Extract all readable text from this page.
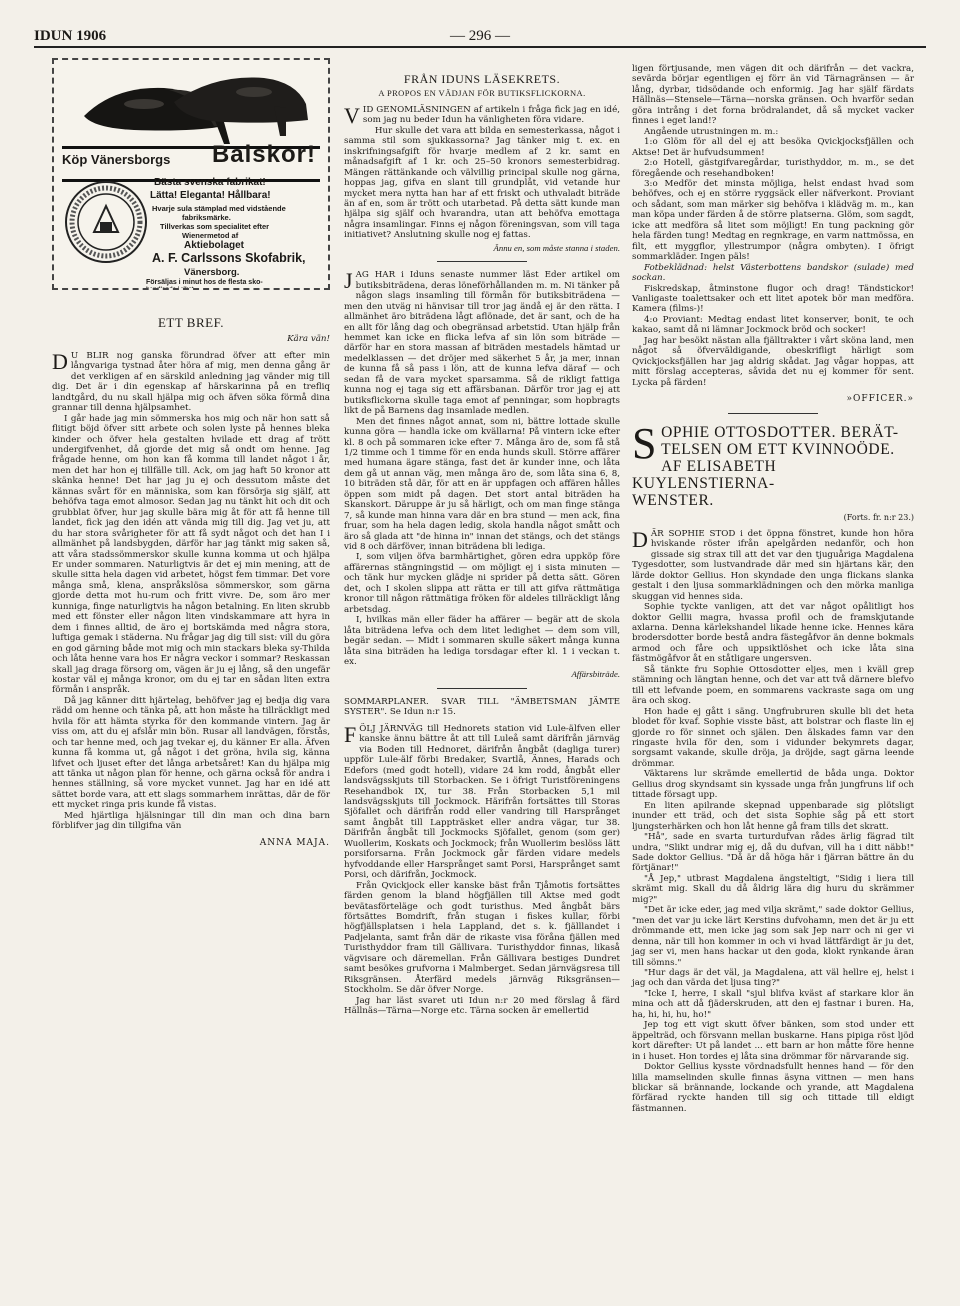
IDUN 1906	— 296 —
Köp Vänersborgs Balskor!
Bästa svenska fabrikat!
Lätta! Eleganta! Hållbara!
Hvarje sula stämplad med vidstående
fabriksmärke.
Tillverkas som specialitet efter
Wienermetod af
Aktiebolaget
A. F. Carlssons Skofabrik,
Vänersborg.
Försäljas i minut hos de flesta sko-
handlande i riket.
ETT BREF.
Kära vän!

D U BLIR nog ganska förundrad öfver att efter min långvariga tystnad åter höra af mig, men denna gång är det verkligen af en särskild anledning jag vänder mig till dig. Det är i din egenskap af härskarinna på en trefliq landtgård, du nu skall hjälpa mig och äfven söka förmå dina grannar till denna hjälpsamhet.

I går hade jag min sömmerska hos mig och när hon satt så flitigt böjd öfver sitt arbete och solen lyste på hennes bleka kinder och öfver hela gestalten hvilade ett drag af trött undergifvenhet, då gjorde det mig så ondt om henne. Jag frågade henne, om hon kan få komma till landet något i år, men det har hon ej tillfälle till. Ack, om jag haft 50 kronor att skänka henne! Det har jag ju ej och dessutom måste det kännas svårt för en människa, som kan försörja sig själf, att behöfva taga emot almosor. Sedan jag nu tänkt hit och dit och grubblat öfver, hur jag skulle bära mig åt för att få henne till landet, fick jag den idén att vända mig till dig. Jag vet ju, att du har stora svårigheter för att få sydt något och det han I i allmänhet på landsbygden, därför har jag tänkt mig saken så, att våra stadssömmerskor skulle kunna komma ut och hjälpa Er under sommaren. Naturligtvis är det ej min mening, att de skulle sitta hela dagen vid arbetet, högst fem timmar. Det vore många små, klena, anspråkslösa sömmerskor, som gärna gjorde detta mot hu-rum och fritt vivre. De, som äro mer kunniga, finge naturligtvis ha någon betalning. En liten skrubb med ett fönster eller någon liten vindskammare att hyra in dem i finnes alltid, de äro ej bortskämda med några stora, luftiga gemak i städerna. Nu frågar jag dig till sist: vill du göra en god gärning både mot mig och min stackars bleka sy-Thilda och låta henne vara hos Er några veckor i sommar? Reskassan skall jag draga försorg om, vägen är ju ej lång, så den ungefär kostar väl ej många kronor, om du ej tar en sådan liten extra förmån i anspråk.

Då jag känner ditt hjärtelag, behöfver jag ej bedja dig vara rädd om henne och tänka på, att hon måste ha tillräckligt med hvila för att hämta styrka för den kommande vintern. Jag är viss om, att du ej afslår min bön. Rusar all landvägen, förstås, och tar henne med, och jag tvekar ej, du känner Er alla. Äfven kunna få komma ut, gå något i det gröna, hvila sig, känna lifvet och ljuset efter det långa arbetsåret! Kan du hjälpa mig att tänka ut någon plan för henne, och gärna också för andra i hennes ställning, så vore mycket vunnet. Jag har en idé att sättet borde vara, att ett slags sommarhem inrättas, där de för ett mycket ringa pris kunde få vistas.

Med hjärtliga hjälsningar till din man och dina barn förblifver jag din tillgifna vän

ANNA MAJA.
FRÅN IDUNS LÄSEKRETS.
A PROPOS EN VÄDJAN FÖR BUTIKSFLICKORNA.

VID GENOMLÄSNINGEN af artikeln i fråga fick jag en idé, som jag nu beder Idun ha vänligheten föra vidare.

Hur skulle det vara att bilda en semesterkassa, något i samma stil som sjukkassorna? Jag tänker mig t. ex. en inskrifningsafgift för hvarje medlem af 2 kr. samt en månadsafgift af 1 kr. och 25–50 kronors semesterbidrag. Mängen rättänkande och välvillig principal skulle nog gärna, hoppas jag, gifva en slant till grundplåt, vid vetande hur mycket mera nytta han har af ett friskt och uthvaladt biträde än af en, som är trött och utarbetad. På detta sätt kunde man hjälpa sig själf och hvarandra, utan att behöfva emottaga några insamlingar. Finns ej någon föreningsvan, som vill taga initiativet? Anslutning skulle nog ej fattas.

Ännu en, som måste stanna i staden.

JAG HAR i Iduns senaste nummer läst Eder artikel om butiksbiträdena, deras löneförhållanden m. m. Ni tänker på någon slags insamling till förmån för butiksbiträdena — men den utväg ni hänvisar till tror jag ändå ej är den rätta. I allmänhet äro biträdena lågt aflönade, det är sant, och de ha en allt för lång dag och obegränsad arbetstid. Utan hjälp från hemmet kan icke en flicka lefva af sin lön som biträde — därför har en stora massan af biträden mestadels hämtad ur medelklassen — det dröjer med säkerhet 5 år, ja mer, innan de kunna få så pass i lön, att de kunna lefva däraf — och sedan få de vara mycket sparsamma. Så de rikligt fattiga kunna nog ej taga sig ett affärsbanan. Därför tror jag ej att butiksflickorna skulle taga emot af penningar, som hopbragts likt de på Barnens dag insamlade medlen.

Men det finnes något annat, som ni, bättre lottade skulle kunna göra — handla icke om kvällarna! På vintern icke efter kl. 8 och på sommaren icke efter 7. Många äro de, som få stå 1/2 timme och 1 timme för en enda hunds skull. Större affärer med humana ägare stänga, fast det är kunder inne, och låta dem gå ut annan väg, men många äro de, som låta sina 6, 8, 10 biträden stå där, för att en är uppfagen och affären hålles öppen som midt på dagen. Det stort antal biträden ha Skanskort. Däruppe är ju så härligt, och om man finge stänga 7, så kunde man hinna vara där en bra stund — men ack, fina fruar, som ha hela dagen ledig, skola handla något smått och äro så glada att "de hinna in" innan det stängs, och det stängs vid 8 och därföver, innan biträdena bli lediga.

I, som viljen öfva barmhärtighet, gören edra uppköp före affärernas stängningstid — om möjligt ej i sista minuten — och tänk hur mycken glädje ni sprider på detta sätt. Gören det, och I skolen slippa att rätta er till att gifva rättmätiga kronor till någon rättmätiga fröken för aldeles tillräckligt lång arbetsdag.

I, hvilkas män eller fäder ha affärer — begär att de skola låta biträdena lefva och dem litet ledighet — dem som vill, begär sedan. — Midt i sommaren skulle säkert många kunna låta sina biträden ha lediga torsdagar efter kl. 1 i veckan t. ex.

Affärsbiträde.

SOMMARPLANER. SVAR TILL "ÄMBETSMAN JÄMTE SYSTER". Se Idun n:r 15.

FÖLJ JÄRNVÄG till Hednorets station vid Lule-älfven eller kanske ännu bättre åt att till Luleå samt därifrån järnväg via Boden till Hednoret, därifrån ångbåt (dagliga turer) uppför Lule-älf förbi Bredaker, Svartlå, Ännes, Harads och Edefors (med godt hotell), vidare 24 km rodd, ångbåt eller landsvägsskjuts till Storbacken. Se i öfrigt Turistföreningens Resehandbok IX, tur 38. Från Storbacken 5,1 mil landsvägsskjuts till Jockmock. Härifrån fortsättes till Storas Sjöfallet och därifrån rodd eller vandring till Harsprånget samt ångbåt till Lappträsket eller andra vägar, tur 38. Därifrån ångbåt till Jockmocks Sjöfallet, genom (som ger) Wuollerim, Koskats och Jockmock; från Wuollerim beslöss lätt porsiforsarna. Från Jockmock går färden vidare medels hyfvoddande eller Harsprånget samt Porsi, Harsprånget samt Porsi, och därifrån, Jockmock.

Från Qvickjock eller kanske bäst från Tjåmotis fortsättes färden genom la bland högfjällen till Aktse med godt bevätasförteläge och godt turisthus. Med ångbåt bärs förtsättes Bomdrift, från stugan i fiskes kullar, förbi högfjällsplatsen i hela Lappland, det s. k. fjälllandet i Padjelanta, samt från där de rikaste visa föråna fjällen med Turisthyddor fram till Gällivara. Turisthyddor finnas, likaså vägvisare och däremellan. Från Gällivara bestiges Dundret samt besökes grufvorna i Malmberget. Sedan järnvägsresa till Riksgränsen. Återfärd medels järnväg Riksgränsen—Stockholm. Se där öfver Norge.

Jag har läst svaret uti Idun n:r 20 med förslag å färd Hällnäs—Tärna—Norge etc. Tärna socken är emellertid

ligen förtjusande, men vägen dit och därifrån — det vackra, sevärda börjar egentligen ej förr än vid Tärnagränsen — är lång, dyrbar, tidsödande och enformig. Jag har själf färdats Hällnäs—Stensele—Tärna—norska gränsen. Och hvarför sedan göra intrång i det forna brödralandet, då så mycket vacker finnes i eget land!?

Angående utrustningen m. m.:

1:o Glöm för all del ej att besöka Qvickjocksfjällen och Aktse! Det är hufvudsummen!

2:o Hotell, gästgifvaregårdar, turisthyddor, m. m., se det föregående och resehandboken!

3:o Medför det minsta möjliga, helst endast hvad som behöfves, och ej en större ryggsäck eller näfverkont. Proviant och sådant, som man märker sig behöfva i klädväg m. m., kan man köpa under färden å de större platserna. Glöm, som sagdt, icke att medföra så litet som möjligt! En tung packning gör hela färden tung! Medtag en regnkrage, en varm nattmössa, en filt, ett myggflor, yllestrumpor (några ombyten). I öfrigt sommarkläder. Ingen päls!

Fotbeklädnad: helst Västerbottens bandskor (sulade) med sockan.

Fiskredskap, åtminstone flugor och drag! Tändstickor! Vanligaste toalettsaker och ett litet apotek bör man medföra. Kamera (films-)!

4:o Proviant: Medtag endast litet konserver, bonit, te och kakao, samt då ni lämnar Jockmock bröd och socker!

Jag har besökt nästan alla fjälltrakter i vårt sköna land, men något så öfverväldigande, obeskrifligt härligt som Qvickjocksfjällen har jag aldrig skådat. Jag vågar hoppas, att mitt förslag accepteras, såvida det nu ej kommer för sent. Lycka på färden!

»OFFICER.»
S OPHIE OTTOSDOTTER. BERÄT-
TELSEN OM ETT KVINNOÖDE.
AF ELISABETH KUYLENSTIERNA-
WENSTER.
(Forts. fr. n:r 23.)

DÄR SOPHIE STOD i det öppna fönstret, kunde hon höra hviskande röster ifrån apelgården nedanför, och hon gissade sig strax till att det var den tjuguåriga Magdalena Tygesdotter, som lustvandrade där med sin hjärtans kär, den lärde doktor Gellius. Hon skyndade den unga flickans slanka gestalt i den ljusa sommarklädningen och den mörka manliga skuggan vid hennes sida.

Sophie tyckte vanligen, att det var något opålitligt hos doktor Gellii magra, hvassa profil och de framskjutande axlarna. Denna kärlekshandel likade henne icke. Hennes kära brodersdotter borde bestå andra fästegåfvor än denne bokmals armod och fåre och uppsiktlöshet och icke låta sina fästmögåfvor åt en ståtligare ungersven.

Så tänkte fru Sophie Ottosdotter eljes, men i kväll grep stämning och längtan henne, och det var att två därnere blefvo till ett lefvande poem, en sommarens vackraste saga om ung ära och skog.

Hon hade ej gått i säng. Ungfrubruren skulle bli det heta blodet för kvaf. Sophie visste bäst, att bolstrar och flaste lin ej gjorde ro för sinnet och själen. Den älskades famn var den ringaste hvila för den, som i vidunder bekymrets dagar, sorgsamt vakande, skulle dröja, ja dröjde, sagt gärna leende drömmar.

Väktarens lur skrämde emellertid de båda unga. Doktor Gellius drog skyndsamt sin kyssade unga från jungfruns lif och tittade försagt upp.

En liten apilrande skepnad uppenbarade sig plötsligt inunder ett träd, och det sista Sophie såg på ett stort ljungsterhärken och hon låt henne gå fram tills det skratt.

"Hå", sade en svarta turturdufvan rådes ärlig fägrad tilt undra, "Slikt undrar mig ej, då du dufvan, vill ha i ditt näbb!" Sade doktor Gellius. "Då är då höga här i fjärran bättre än du förtjänar!"

"Å Jep," utbrast Magdalena ängsteltigt, "Sidig i liera till skrämt mig. Skall du då åldrig lära dig huru du skrämmer mig?"

"Det är icke eder, jag med vilja skrämt," sade doktor Gellius, "men det var ju icke lärt Kerstins dufvohamn, men det är ju ett drömmande ett, men icke jag som sak Jep narr och ni ger vi denna, när till hon kommer in och vi hvad lättfärdigt är ju det, jag ser vi, men hans hackar ut den goda, klokt rynkande äran till sömns."

"Hur dags är det väl, ja Magdalena, att väl hellre ej, helst i jag och dan värda det ljusa ting?"

"Icke I, herre, I skall "sjul blifva kväst af starkare klor än mina och att då fjäderskruden, att den ej fastnar i buren. Ha, ha, hi, hi, hu, ho!"

Jep tog ett vigt skutt öfver bänken, som stod under ett äppelträd, och försvann mellan buskarne. Hans pipiga röst ljöd kort därefter: Ut på landet ... ett barn ar hon måtte före henne in i huset. Hon tordes ej låta sina drömmar för närvarande sig.

Doktor Gellius kysste vördnadsfullt hennes hand — för den lilla mamselinden skulle finnas äsyna vittnen — men hans blickar sä brännande, lockande och yrande, att Magdalena förfärad ryckte handen till sig och tittade till eldigt fästmannen.
